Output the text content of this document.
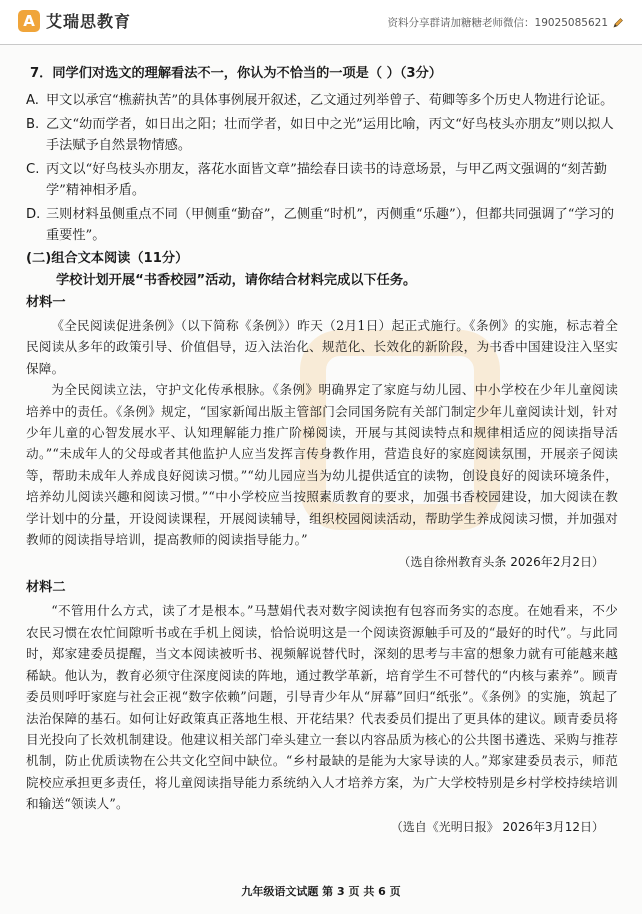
A 艾瑞思教育	资料分享群请加糖糖老师微信：19025085621
7．同学们对选文的理解看法不一，你认为不恰当的一项是（ ）（3分）
A. 甲文以承宫“樵薪执苦”的具体事例展开叙述，乙文通过列举曾子、荀卿等多个历史人物进行论证。
B. 乙文“幼而学者，如日出之阳；壮而学者，如日中之光”运用比喻，丙文“好鸟枝头亦朋友”则以拟人手法赋予自然景物情感。
C. 丙文以“好鸟枝头亦朋友，落花水面皆文章”描绘春日读书的诗意场景，与甲乙两文强调的“刻苦勤学”精神相矛盾。
D. 三则材料虽侧重点不同（甲侧重“勤奋”，乙侧重“时机”，丙侧重“乐趣”），但都共同强调了“学习的重要性”。
(二)组合文本阅读（11分）
学校计划开展“书香校园”活动，请你结合材料完成以下任务。
材料一

《全民阅读促进条例》（以下简称《条例》）昨天（2月1日）起正式施行。《条例》的实施，标志着全民阅读从多年的政策引导、价值倡导，迈入法治化、规范化、长效化的新阶段，为书香中国建设注入坚实保障。

为全民阅读立法，守护文化传承根脉。《条例》明确界定了家庭与幼儿园、中小学校在少年儿童阅读培养中的责任。《条例》规定，“国家新闻出版主管部门会同国务院有关部门制定少年儿童阅读计划，针对少年儿童的心智发展水平、认知理解能力推广阶梯阅读，开展与其阅读特点和规律相适应的阅读指导活动。”“未成年人的父母或者其他监护人应当发挥言传身教作用，营造良好的家庭阅读氛围，开展亲子阅读等，帮助未成年人养成良好阅读习惯。”“幼儿园应当为幼儿提供适宜的读物，创设良好的阅读环境条件，培养幼儿阅读兴趣和阅读习惯。”“中小学校应当按照素质教育的要求，加强书香校园建设，加大阅读在教学计划中的分量，开设阅读课程，开展阅读辅导，组织校园阅读活动，帮助学生养成阅读习惯，并加强对教师的阅读指导培训，提高教师的阅读指导能力。”

（选自徐州教育头条 2026年2月2日）
材料二

“不管用什么方式，读了才是根本。”马慧娟代表对数字阅读抱有包容而务实的态度。在她看来，不少农民习惯在农忙间隙听书或在手机上阅读，恰恰说明这是一个阅读资源触手可及的“最好的时代”。与此同时，郑家建委员提醒，当文本阅读被听书、视频解说替代时，深刻的思考与丰富的想象力就有可能越来越稀缺。他认为，教育必须守住深度阅读的阵地，通过教学革新，培育学生不可替代的“内核与素养”。顾青委员则呼吁家庭与社会正视“数字依赖”问题，引导青少年从“屏幕”回归“纸张”。《条例》的实施，筑起了法治保障的基石。如何让好政策真正落地生根、开花结果？代表委员们提出了更具体的建议。顾青委员将目光投向了长效机制建设。他建议相关部门牵头建立一套以内容品质为核心的公共图书遴选、采购与推荐机制，防止优质读物在公共文化空间中缺位。“乡村最缺的是能为大家导读的人。”郑家建委员表示，师范院校应承担更多责任，将儿童阅读指导能力系统纳入人才培养方案，为广大学校特别是乡村学校持续培训和输送“领读人”。

（选自《光明日报》 2026年3月12日）
九年级语文试题 第 3 页 共 6 页
